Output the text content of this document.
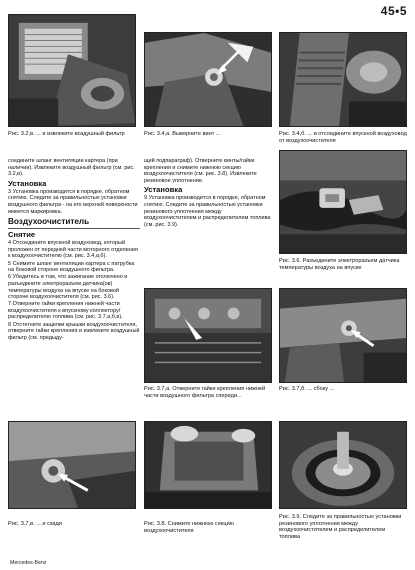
45•5
Рис. 3.2,в. ... и извлеките воздушный фильтр	Рис. 3.4,а. Выверните винт ...	Рис. 3.4,б. ... и отсоедините впускной воздуховод от воздухоочистителя

соедините шланг вентиляции картера (при наличии). Извлеките воздушный фильтр (см. рис. 3.2,в).

Установка

3 Установка производится в порядке, обратном снятию. Следите за правильностью установки воздушного фильтра - на его верхней поверхности имеется маркировка.

Воздухоочиститель
Снятие

4 Отсоедините впускной воздуховод, который проложен от передней части моторного отделения к воздухоочистителю (см. рис. 3.4,а,б).

5 Снимите шланг вентиляции картера с патрубка на боковой стороне воздушного фильтра.

6 Убедитесь в том, что зажигание отключено и разъедините электроразъем датчика(ов) температуры воздуха на впуске на боковой стороне воздухоочистителя (см. рис. 3.6).

7 Отверните гайки крепления нижней части воздухоочистителя к впускному коллектору/распределителю топлива (см. рис. 3.7,а,б,в).

8 Отстегните защелки крышки воздухоочистителя, отверните гайки крепления и извлеките воздушный фильтр (см. предыду-

щий подпараграф). Отверните винты/гайки крепления и снимите нижнюю секцию воздухоочистителя (см. рис. 3.8). Извлеките резиновое уплотнение.

Установка

9 Установка производится в порядке, обратном снятию. Следите за правильностью установки резинового уплотнения между воздухоочистителем и распределителем топлива (см. рис. 3.9).

Рис. 3.6. Разъедините электроразъем датчика температуры воздуха на впуске
Рис. 3.7,а. Отверните гайки крепления нижней части воздушного фильтра спереди...
Рис. 3.7,б. ... сбоку ...
Рис. 3.7,в. ... и сзади	Рис. 3.8. Снимите нижнюю секцию воздухоочистителя
Рис. 3.9. Следите за правильностью установки резинового уплотнения между воздухоочистителем и распределителем топлива
Mercedes-Benz
